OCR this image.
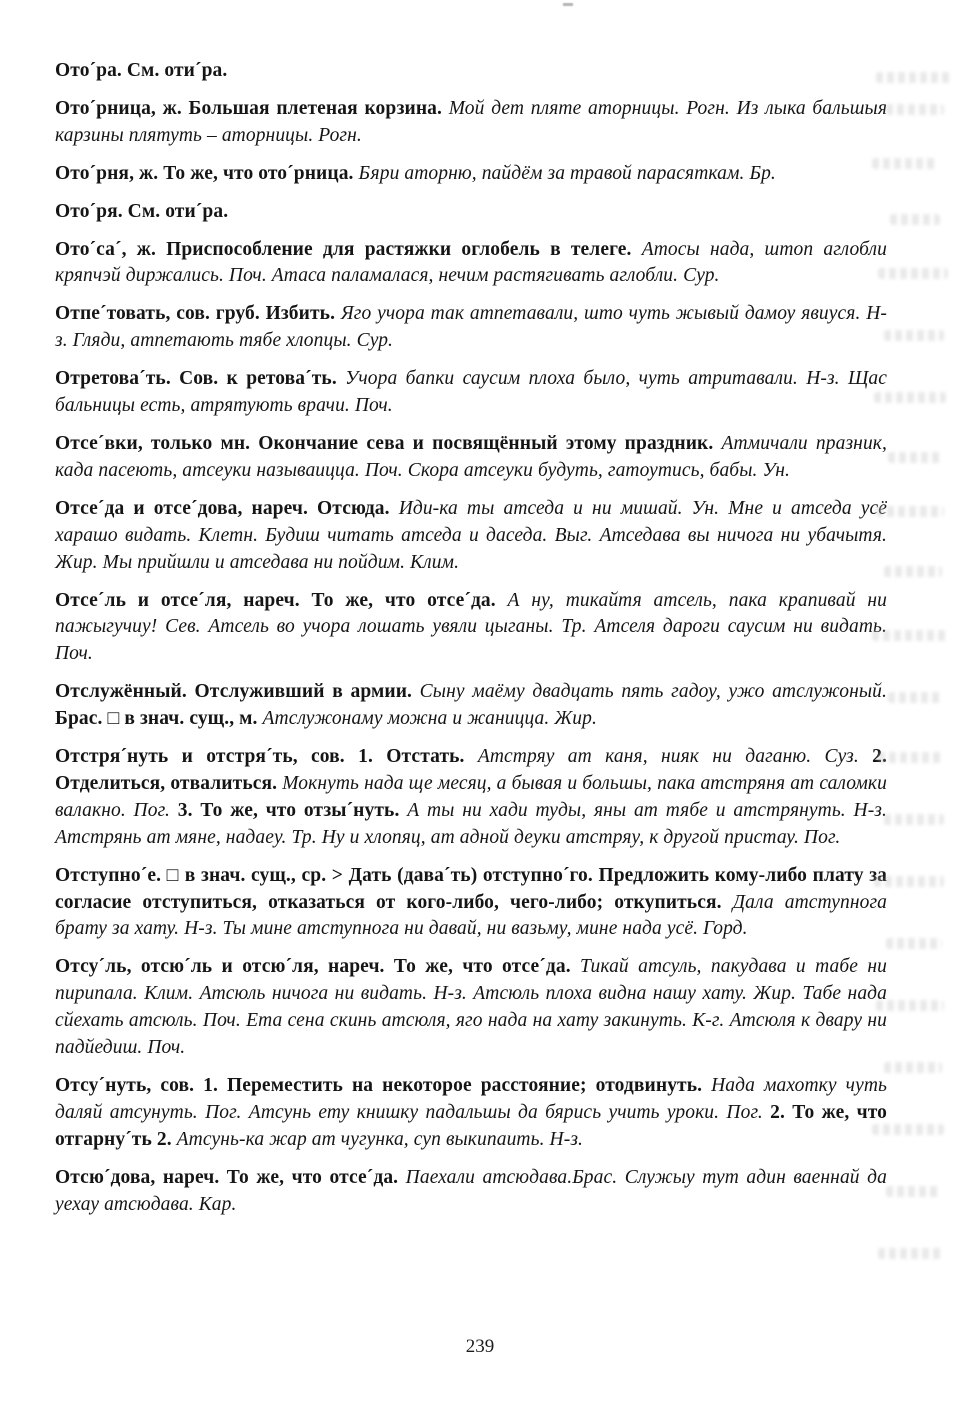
Ото´ра. См. оти´ра.

Ото´рница, ж. Большая плетеная корзина. Мой дет пляте аторницы. Рогн. Из лыка бальшыя карзины плятуть – аторницы. Рогн.

Ото´рня, ж. То же, что ото´рница. Бяри аторню, пайдём за травой парасяткам. Бр.

Ото´ря. См. оти´ра.

Ото´са´, ж. Приспособление для растяжки оглобель в телеге. Атосы нада, штоп аглобли кряпчэй диржались. Поч. Атаса паламалася, нечим растягивать аглобли. Сур.

Отпе´товать, сов. груб. Избить. Яго учора так атпетавали, што чуть жывый дамоу явиуся. Н-з. Гляди, атпетають тябе хлопцы. Сур.

Отретова´ть. Сов. к ретова´ть. Учора бапки саусим плоха было, чуть атритавали. Н-з. Щас бальницы есть, атрятують врачи. Поч.

Отсе´вки, только мн. Окончание сева и посвящённый этому праздник. Атмичали празник, када пасеють, атсеуки называицца. Поч. Скора атсеуки будуть, гатоутись, бабы. Ун.

Отсе´да и отсе´дова, нареч. Отсюда. Иди-ка ты атседа и ни мишай. Ун. Мне и атседа усё харашо видать. Клетн. Будиш читать атседа и даседа. Выг. Атседава вы ничога ни убачытя. Жир. Мы прийшли и атседава ни пойдим. Клим.

Отсе´ль и отсе´ля, нареч. То же, что отсе´да. А ну, тикайтя атсель, пака крапивай ни пажыгучиу! Сев. Атсель во учора лошать увяли цыганы. Тр. Атселя дароги саусим ни видать. Поч.

Отслужённый. Отслуживший в армии. Сыну маёму двадцать пять гадоу, ужо атслужоный. Брас. □ в знач. сущ., м. Атслужонаму можна и жаницца. Жир.

Отстря´нуть и отстря´ть, сов. 1. Отстать. Атстряу ат каня, нияк ни даганю. Суз. 2. Отделиться, отвалиться. Мокнуть нада ще месяц, а бывая и большы, пака атстряня ат саломки валакно. Пог. 3. То же, что отзы´нуть. А ты ни хади туды, яны ат тябе и атстрянуть. Н-з. Атстрянь ат мяне, надаеу. Тр. Ну и хлопяц, ат адной деуки атстряу, к другой пристау. Пог.

Отступно´е. □ в знач. сущ., ср. > Дать (дава´ть) отступно´го. Предложить кому-либо плату за согласие отступиться, отказаться от кого-либо, чего-либо; откупиться. Дала атступнога брату за хату. Н-з. Ты мине атступнога ни давай, ни вазьму, мине нада усё. Горд.

Отсу´ль, отсю´ль и отсю´ля, нареч. То же, что отсе´да. Тикай атсуль, пакудава и табе ни пирипала. Клим. Атсюль ничога ни видать. Н-з. Атсюль плоха видна нашу хату. Жир. Табе нада сйехать атсюль. Поч. Ета сена скинь атсюля, яго нада на хату закинуть. К-г. Атсюля к двару ни падйедиш. Поч.

Отсу´нуть, сов. 1. Переместить на некоторое расстояние; отодвинуть. Нада махотку чуть даляй атсунуть. Пог. Атсунь ету книшку падальшы да бярись учить уроки. Пог. 2. То же, что отгарну´ть 2. Атсунь-ка жар ат чугунка, суп выкипаить. Н-з.

Отсю´дова, нареч. То же, что отсе´да. Паехали атсюдава.Брас. Служыу тут адин ваеннай да уехау атсюдава. Кар.

239
